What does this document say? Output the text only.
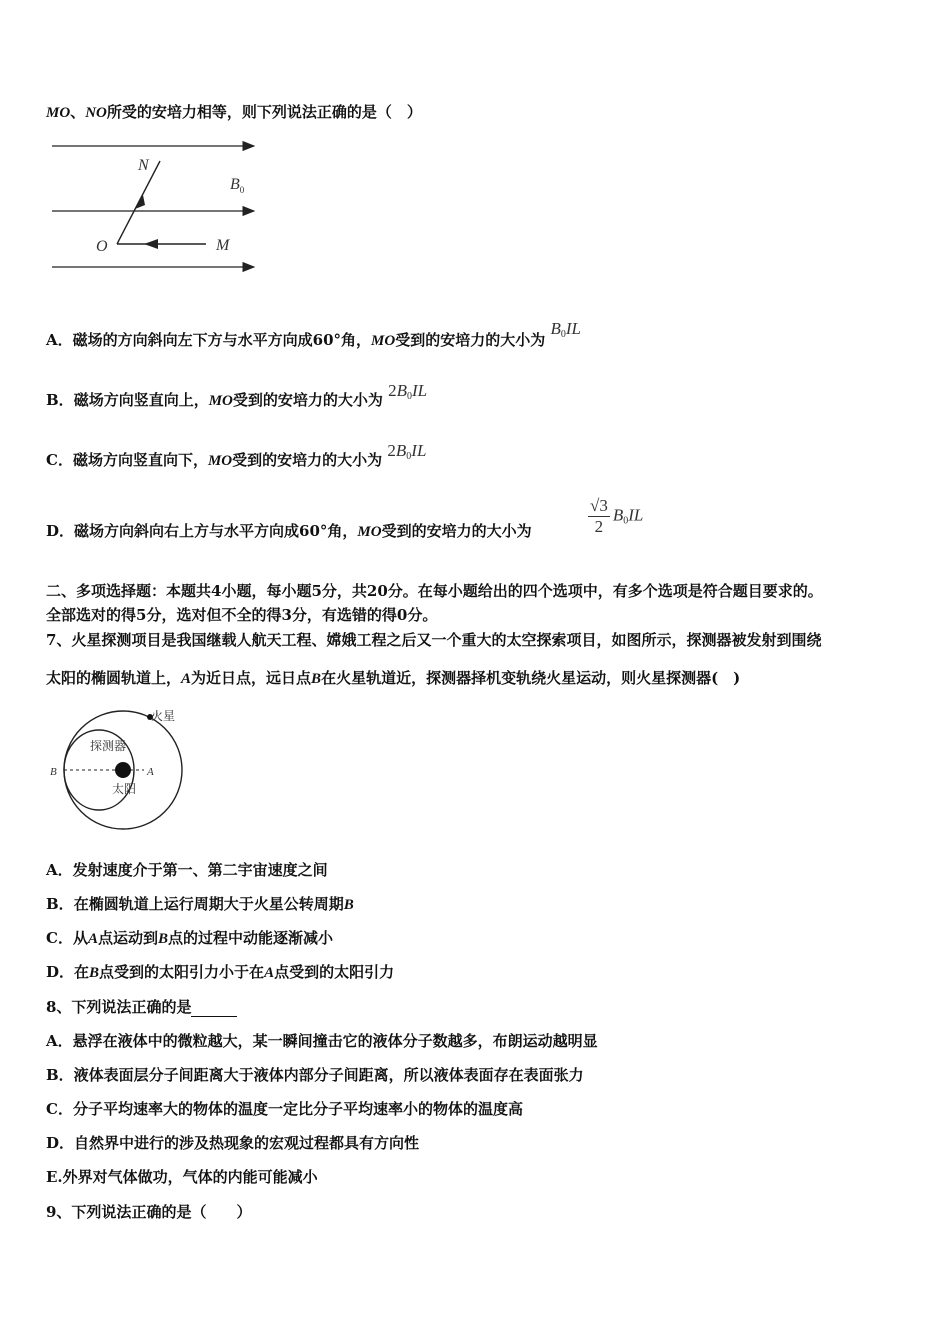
MO、NO所受的安培力相等，则下列说法正确的是（　）
N
$B_0$
O	M
A．磁场的方向斜向左下方与水平方向成60°角，MO受到的安培力的大小为 $B_0IL$
B．磁场方向竖直向上，MO受到的安培力的大小为 $2B_0IL$
C．磁场方向竖直向下，MO受到的安培力的大小为 $2B_0IL$
D．磁场方向斜向右上方与水平方向成60°角，MO受到的安培力的大小为	$\frac{√3}{2} B_0IL$
二、多项选择题：本题共4小题，每小题5分，共20分。在每小题给出的四个选项中，有多个选项是符合题目要求的。
全部选对的得5分，选对但不全的得3分，有选错的得0分。
7、火星探测项目是我国继载人航天工程、嫦娥工程之后又一个重大的太空探索项目，如图所示，探测器被发射到围绕
太阳的椭圆轨道上，A为近日点，远日点B在火星轨道近，探测器择机变轨绕火星运动，则火星探测器(　)
火星
探测器
B	A
太阳
A．发射速度介于第一、第二宇宙速度之间
B．在椭圆轨道上运行周期大于火星公转周期B
C．从A点运动到B点的过程中动能逐渐减小
D．在B点受到的太阳引力小于在A点受到的太阳引力
8、下列说法正确的是
A．悬浮在液体中的微粒越大，某一瞬间撞击它的液体分子数越多，布朗运动越明显
B．液体表面层分子间距离大于液体内部分子间距离，所以液体表面存在表面张力
C．分子平均速率大的物体的温度一定比分子平均速率小的物体的温度高
D．自然界中进行的涉及热现象的宏观过程都具有方向性
E.外界对气体做功，气体的内能可能减小
9、下列说法正确的是（　　）
